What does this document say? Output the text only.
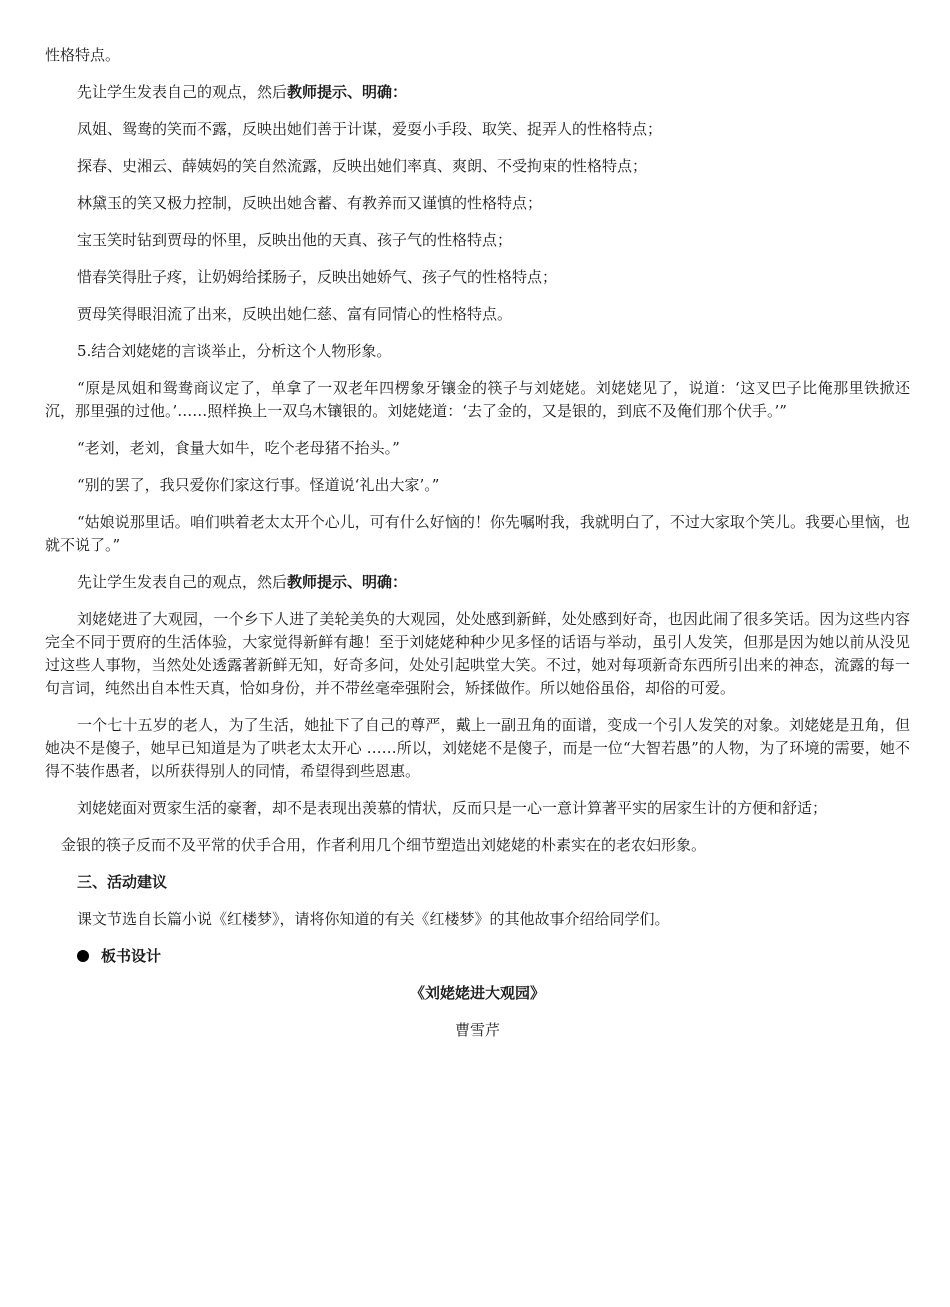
性格特点。

先让学生发表自己的观点，然后教师提示、明确：

凤姐、鸳鸯的笑而不露，反映出她们善于计谋，爱耍小手段、取笑、捉弄人的性格特点；

探春、史湘云、薛姨妈的笑自然流露，反映出她们率真、爽朗、不受拘束的性格特点；

林黛玉的笑又极力控制，反映出她含蓄、有教养而又谨慎的性格特点；

宝玉笑时钻到贾母的怀里，反映出他的天真、孩子气的性格特点；

惜春笑得肚子疼，让奶姆给揉肠子，反映出她娇气、孩子气的性格特点；

贾母笑得眼泪流了出来，反映出她仁慈、富有同情心的性格特点。

5.结合刘姥姥的言谈举止，分析这个人物形象。

“原是凤姐和鸳鸯商议定了，单拿了一双老年四楞象牙镶金的筷子与刘姥姥。刘姥姥见了，说道：‘这叉巴子比俺那里铁掀还沉，那里强的过他。’……照样换上一双乌木镶银的。刘姥姥道：‘去了金的，又是银的，到底不及俺们那个伏手。’”

“老刘，老刘，食量大如牛，吃个老母猪不抬头。”

“别的罢了，我只爱你们家这行事。怪道说‘礼出大家’。”

“姑娘说那里话。咱们哄着老太太开个心儿，可有什么好恼的！你先嘱咐我，我就明白了，不过大家取个笑儿。我要心里恼，也就不说了。”

先让学生发表自己的观点，然后教师提示、明确：

刘姥姥进了大观园，一个乡下人进了美轮美奂的大观园，处处感到新鲜，处处感到好奇，也因此闹了很多笑话。因为这些内容完全不同于贾府的生活体验，大家觉得新鲜有趣！至于刘姥姥种种少见多怪的话语与举动，虽引人发笑，但那是因为她以前从没见过这些人事物，当然处处透露著新鲜无知，好奇多问，处处引起哄堂大笑。不过，她对每项新奇东西所引出来的神态，流露的每一句言词，纯然出自本性天真，恰如身份，并不带丝毫牵强附会，矫揉做作。所以她俗虽俗，却俗的可爱。

一个七十五岁的老人，为了生活，她扯下了自己的尊严，戴上一副丑角的面谱，变成一个引人发笑的对象。刘姥姥是丑角，但她决不是傻子，她早已知道是为了哄老太太开心 ……所以，刘姥姥不是傻子，而是一位“大智若愚”的人物，为了环境的需要，她不得不装作愚者，以所获得别人的同情，希望得到些恩惠。

刘姥姥面对贾家生活的豪奢，却不是表现出羡慕的情状，反而只是一心一意计算著平实的居家生计的方便和舒适；

金银的筷子反而不及平常的伏手合用，作者利用几个细节塑造出刘姥姥的朴素实在的老农妇形象。

三、活动建议

课文节选自长篇小说《红楼梦》，请将你知道的有关《红楼梦》的其他故事介绍给同学们。

板书设计

《刘姥姥进大观园》

曹雪芹
